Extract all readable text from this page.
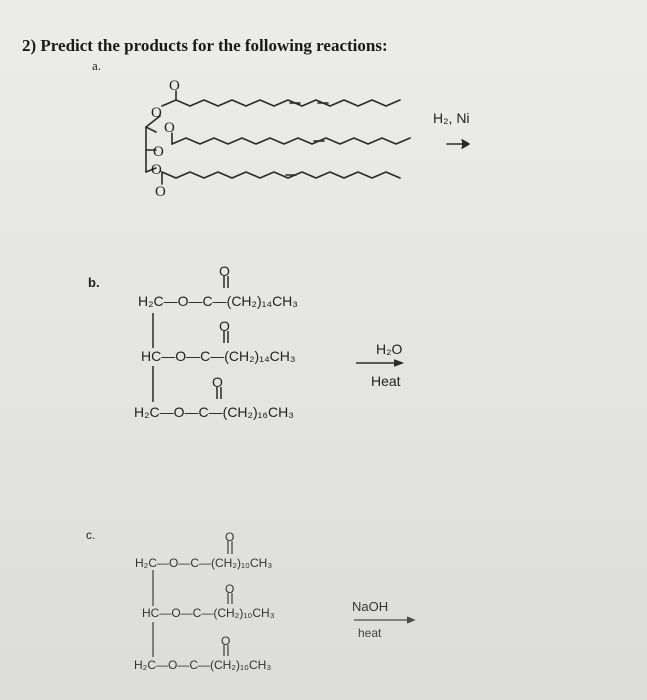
2) Predict the products for the following reactions:
a.
O
O
O
O
O
O
H₂, Ni
b.
O
O
O
H₂C—O—C—(CH₂)₁₄CH₃
HC—O—C—(CH₂)₁₄CH₃
H₂C—O—C—(CH₂)₁₆CH₃
H₂O
Heat
c.	O
O
O
H₂C—O—C—(CH₂)₁₀CH₃
HC—O—C—(CH₂)₁₀CH₃
H₂C—O—C—(CH₂)₁₀CH₃
NaOH
heat
